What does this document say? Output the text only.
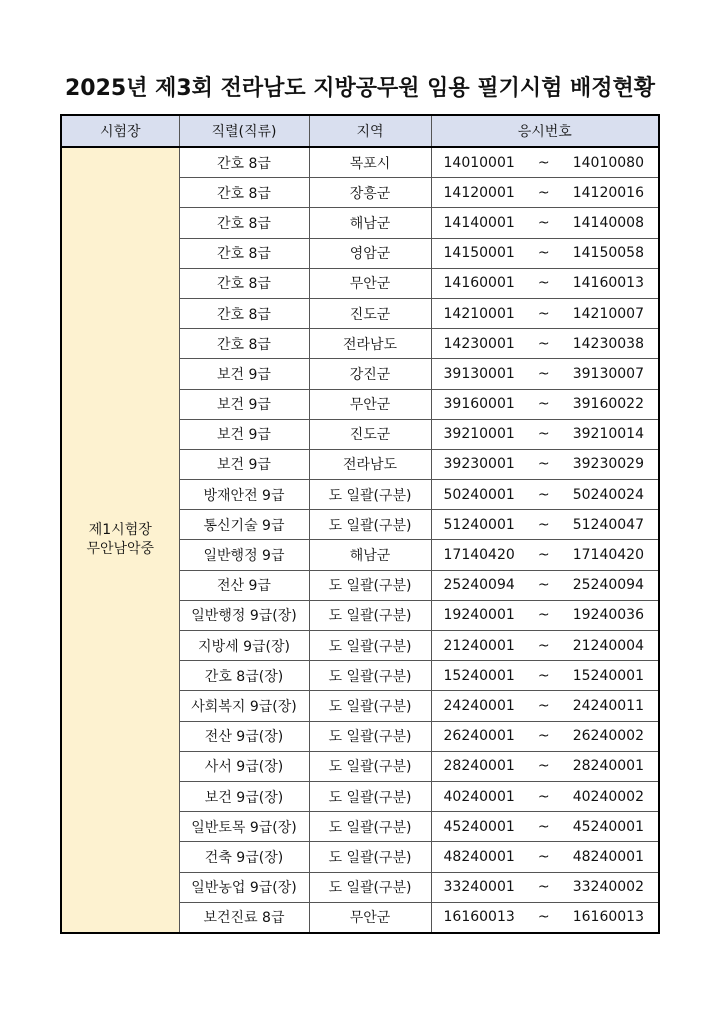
2025년 제3회 전라남도 지방공무원 임용 필기시험 배정현황
시험장	직렬(직류)	지역	응시번호

제1시험장
무안남악중	간호 8급	목포시	14010001 ~ 14010080

	간호 8급	장흥군	14120001 ~ 14120016

	간호 8급	해남군	14140001 ~ 14140008

	간호 8급	영암군	14150001 ~ 14150058

	간호 8급	무안군	14160001 ~ 14160013

	간호 8급	진도군	14210001 ~ 14210007

	간호 8급	전라남도	14230001 ~ 14230038

	보건 9급	강진군	39130001 ~ 39130007

	보건 9급	무안군	39160001 ~ 39160022

	보건 9급	진도군	39210001 ~ 39210014

	보건 9급	전라남도	39230001 ~ 39230029

	방재안전 9급	도 일괄(구분)	50240001 ~ 50240024

	통신기술 9급	도 일괄(구분)	51240001 ~ 51240047

	일반행정 9급	해남군	17140420 ~ 17140420

	전산 9급	도 일괄(구분)	25240094 ~ 25240094

	일반행정 9급(장)	도 일괄(구분)	19240001 ~ 19240036

	지방세 9급(장)	도 일괄(구분)	21240001 ~ 21240004

	간호 8급(장)	도 일괄(구분)	15240001 ~ 15240001

	사회복지 9급(장)	도 일괄(구분)	24240001 ~ 24240011

	전산 9급(장)	도 일괄(구분)	26240001 ~ 26240002

	사서 9급(장)	도 일괄(구분)	28240001 ~ 28240001

	보건 9급(장)	도 일괄(구분)	40240001 ~ 40240002

	일반토목 9급(장)	도 일괄(구분)	45240001 ~ 45240001

	건축 9급(장)	도 일괄(구분)	48240001 ~ 48240001

	일반농업 9급(장)	도 일괄(구분)	33240001 ~ 33240002

	보건진료 8급	무안군	16160013 ~ 16160013
